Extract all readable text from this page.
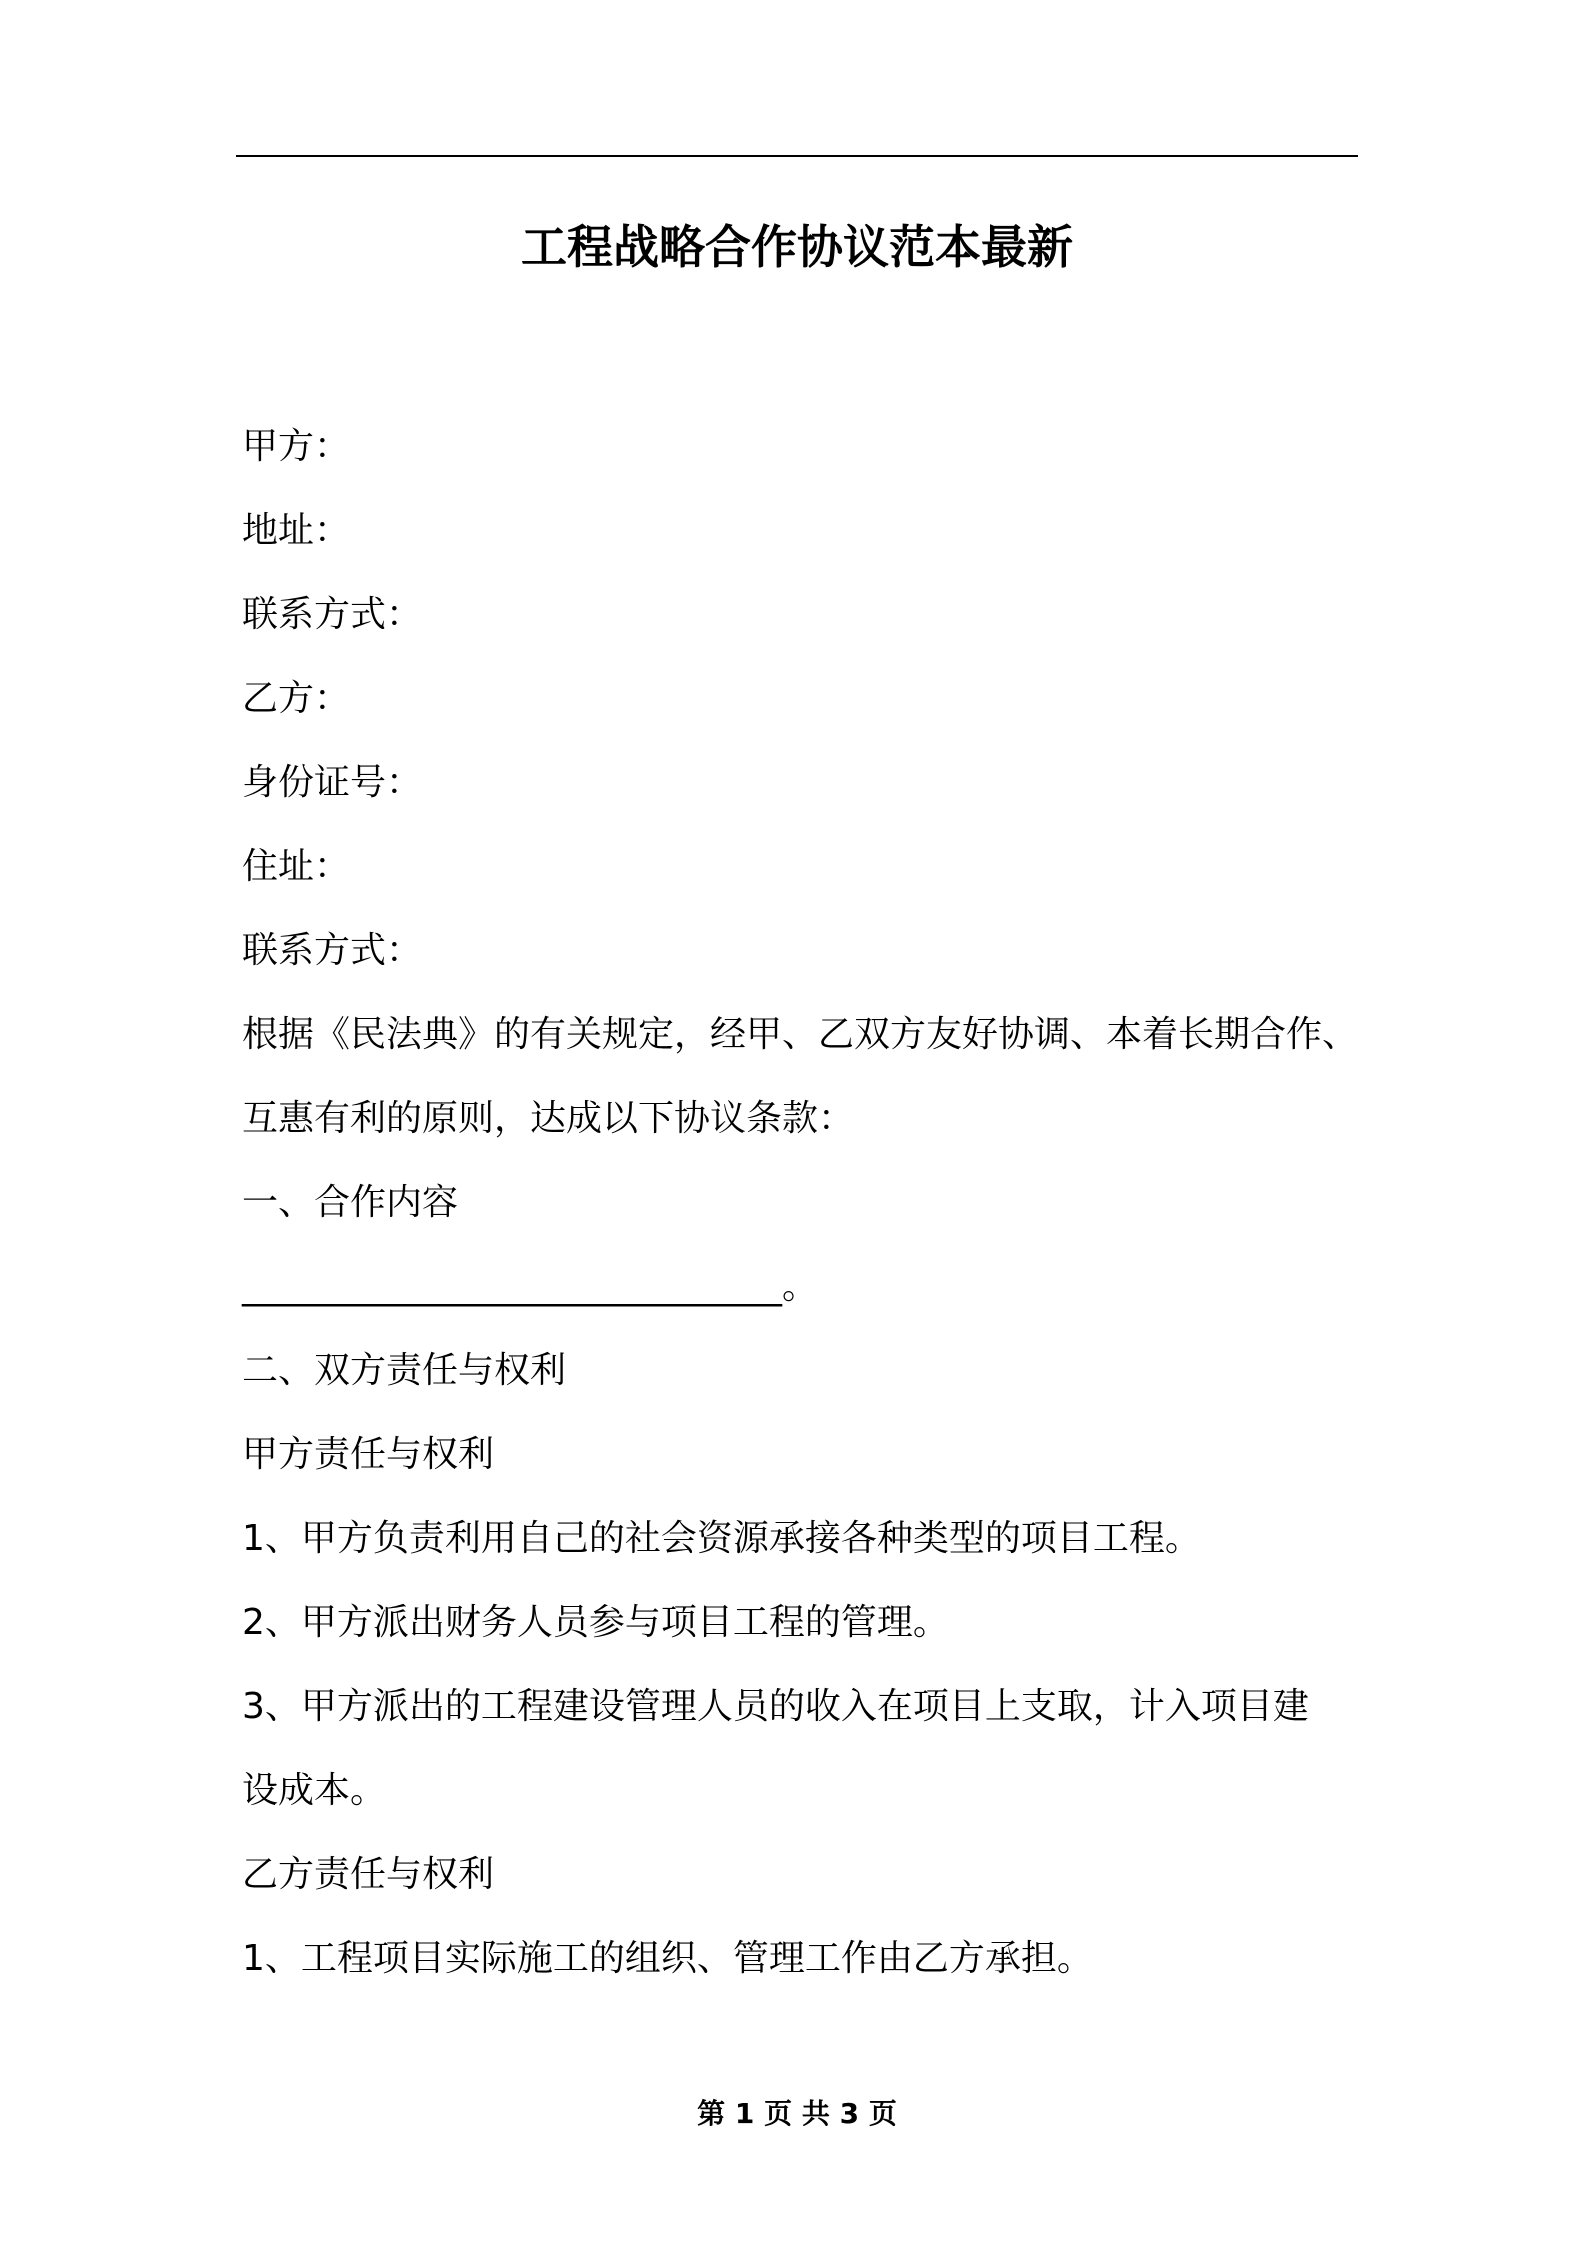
工程战略合作协议范本最新

甲方：

地址：

联系方式：

乙方：

身份证号：

住址：

联系方式：

根据《民法典》的有关规定，经甲、乙双方友好协调、本着长期合作、

互惠有利的原则，达成以下协议条款：

一、合作内容

______________________________。

二、双方责任与权利

甲方责任与权利

1、甲方负责利用自己的社会资源承接各种类型的项目工程。

2、甲方派出财务人员参与项目工程的管理。

3、甲方派出的工程建设管理人员的收入在项目上支取，计入项目建

设成本。

乙方责任与权利

1、工程项目实际施工的组织、管理工作由乙方承担。

第 1 页 共 3 页
